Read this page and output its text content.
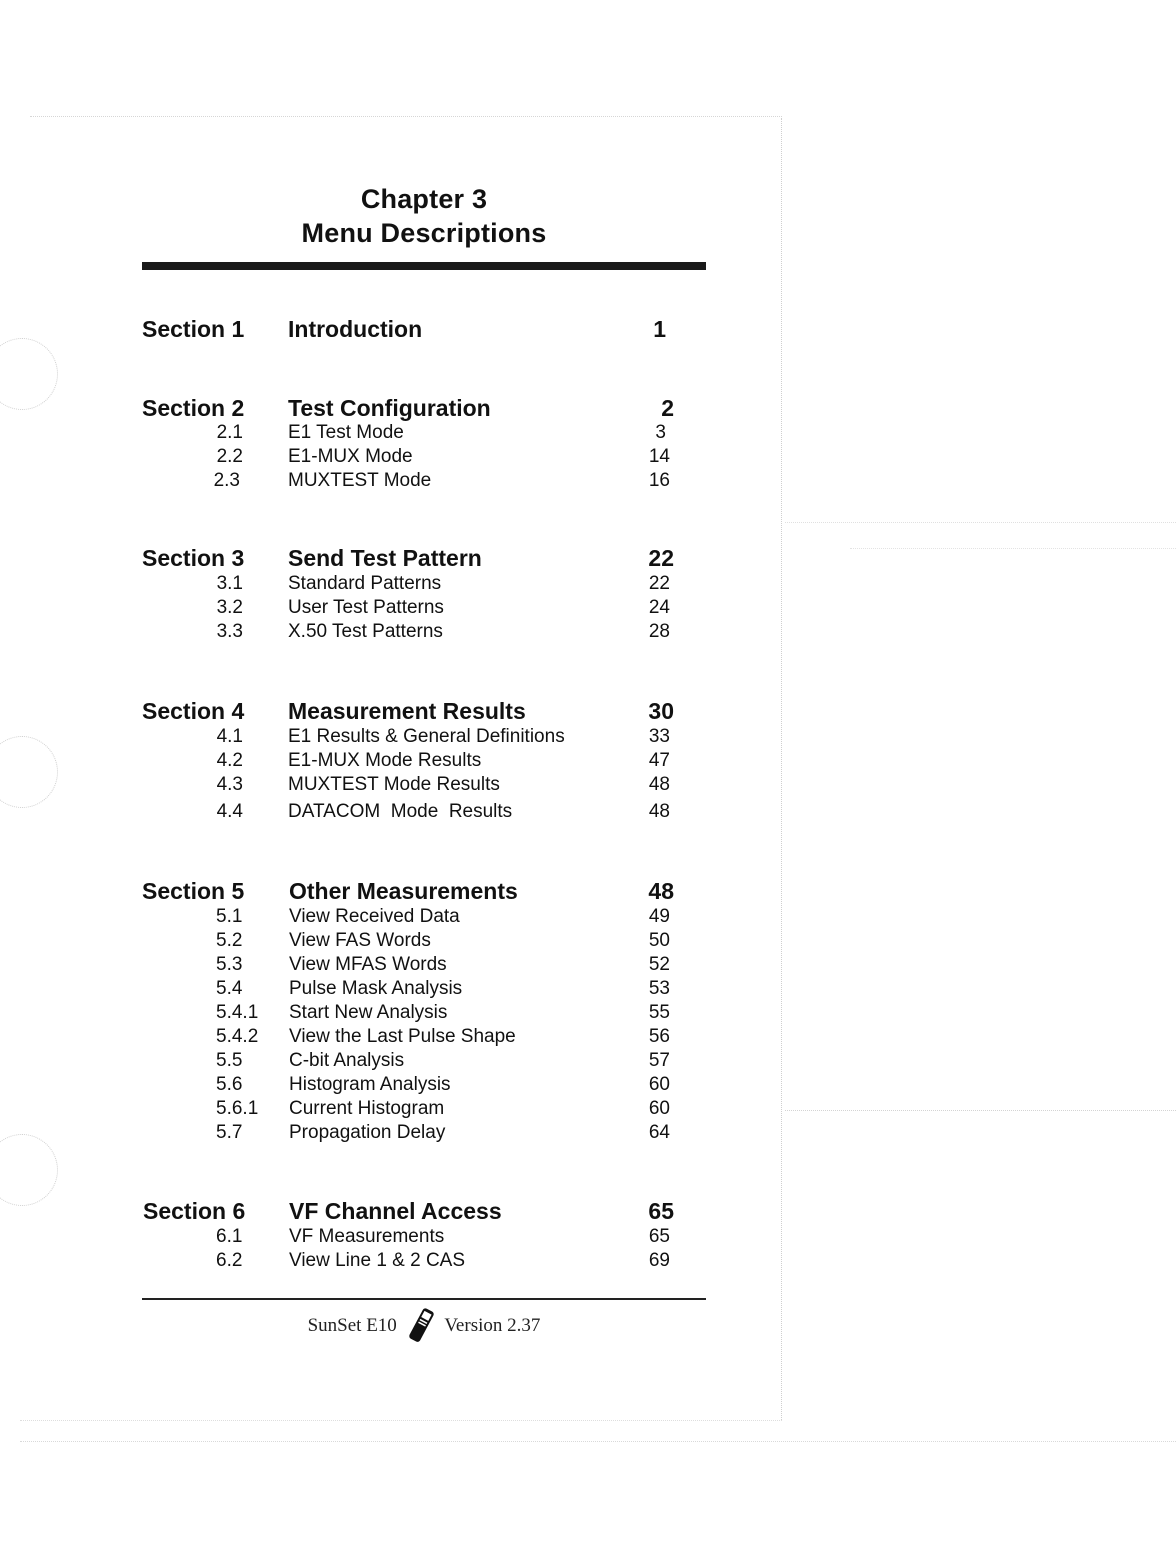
Chapter 3
Menu Descriptions
Section 1 Introduction	1
Section 2 Test Configuration	2
2.1 E1 Test Mode	3
2.2 E1-MUX Mode	14
2.3	MUXTEST Mode	16
Section 3 Send Test Pattern	22
3.1 Standard Patterns	22
3.2 User Test Patterns	24
3.3 X.50 Test Patterns	28
Section 4 Measurement Results	30
4.1 E1 Results & General Definitions	33
4.2 E1-MUX Mode Results	47
4.3 MUXTEST Mode Results	48
4.4 DATACOM  Mode  Results	48
Section 5 Other Measurements	48
5.1	View Received Data	49
5.2	View FAS Words	50
5.3	View MFAS Words	52
5.4	Pulse Mask Analysis	53
5.4.1	Start New Analysis	55
5.4.2	View the Last Pulse Shape	56
5.5	C-bit Analysis	57
5.6	Histogram Analysis	60
5.6.1	Current Histogram	60
5.7	Propagation Delay	64
Section 6 VF Channel Access	65
6.1	VF Measurements	65
6.2	View Line 1 & 2 CAS	69
SunSet E10	Version 2.37
